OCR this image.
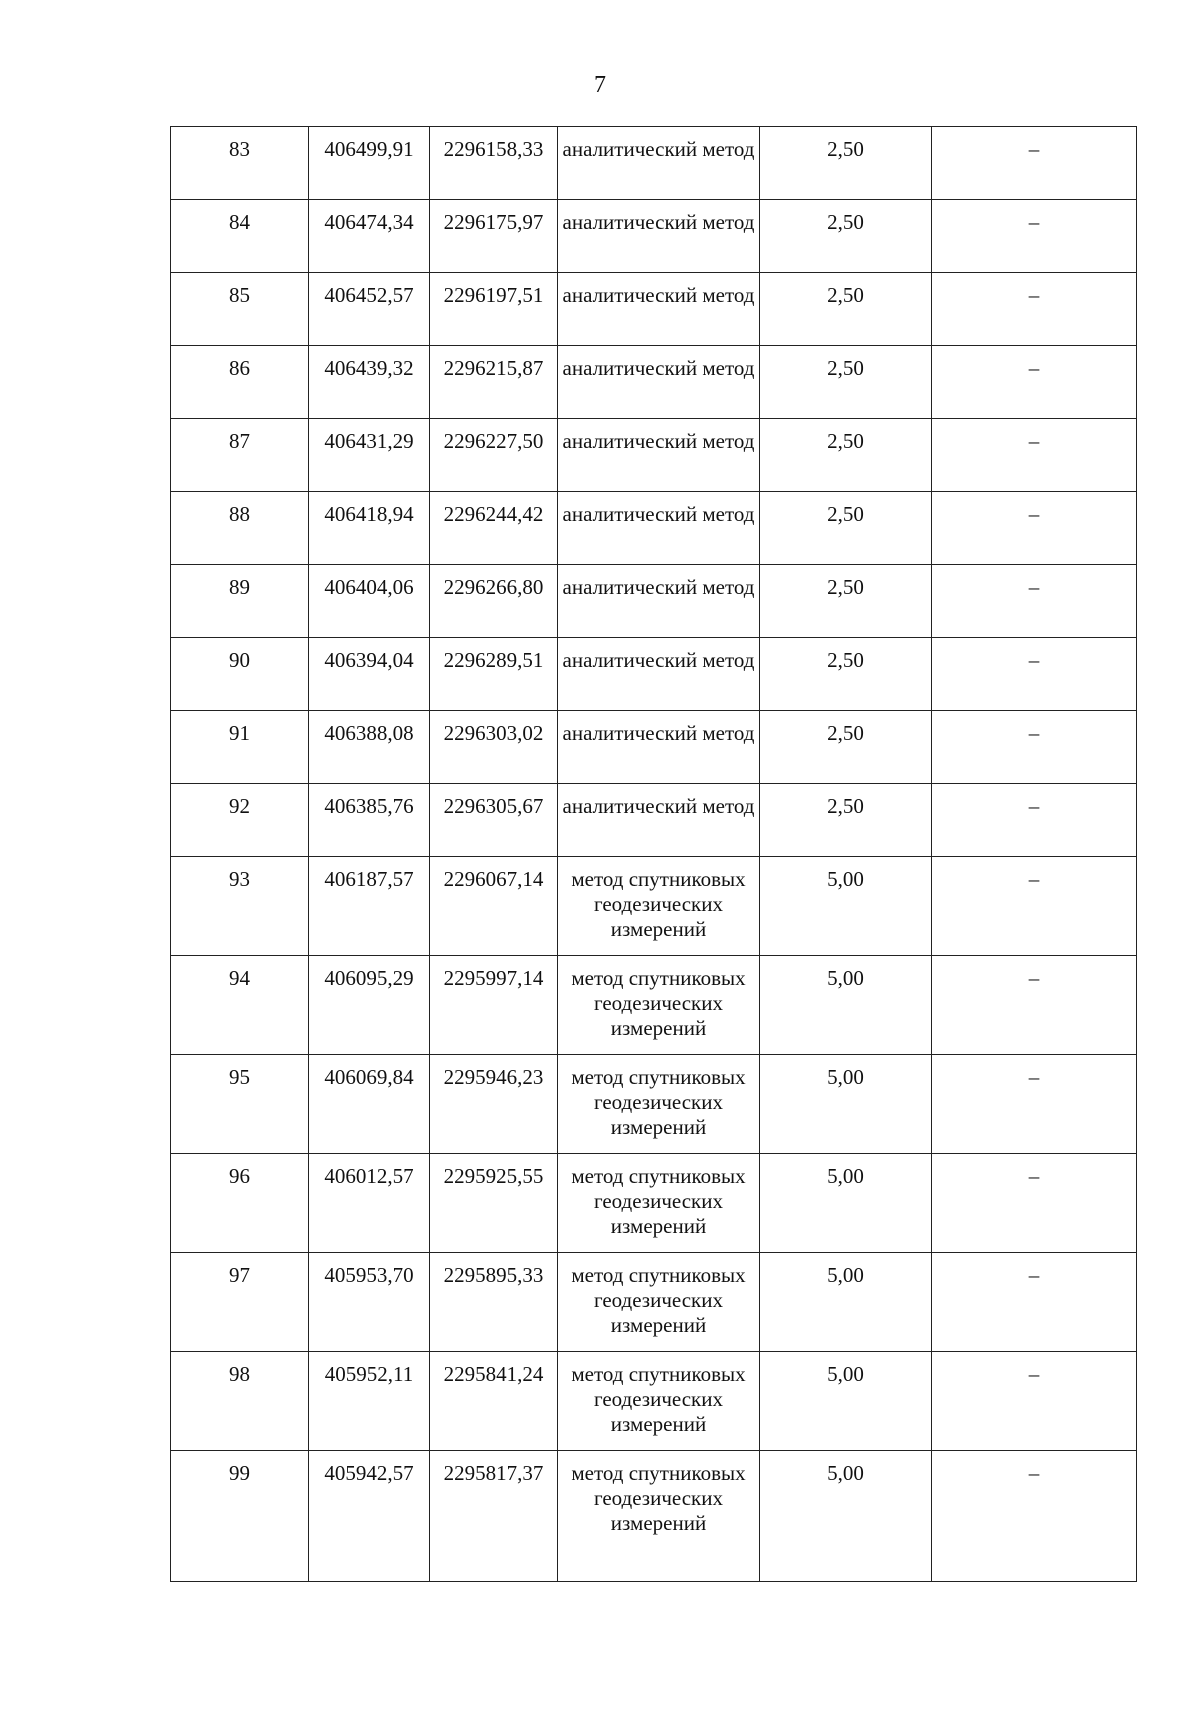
7
83	406499,91	2296158,33	аналитический метод	2,50	–
84	406474,34	2296175,97	аналитический метод	2,50	–
85	406452,57	2296197,51	аналитический метод	2,50	–
86	406439,32	2296215,87	аналитический метод	2,50	–
87	406431,29	2296227,50	аналитический метод	2,50	–
88	406418,94	2296244,42	аналитический метод	2,50	–
89	406404,06	2296266,80	аналитический метод	2,50	–
90	406394,04	2296289,51	аналитический метод	2,50	–
91	406388,08	2296303,02	аналитический метод	2,50	–
92	406385,76	2296305,67	аналитический метод	2,50	–
93	406187,57	2296067,14	метод спутниковых геодезических измерений	5,00	–
94	406095,29	2295997,14	метод спутниковых геодезических измерений	5,00	–
95	406069,84	2295946,23	метод спутниковых геодезических измерений	5,00	–
96	406012,57	2295925,55	метод спутниковых геодезических измерений	5,00	–
97	405953,70	2295895,33	метод спутниковых геодезических измерений	5,00	–
98	405952,11	2295841,24	метод спутниковых геодезических измерений	5,00	–
99	405942,57	2295817,37	метод спутниковых геодезических измерений	5,00	–
